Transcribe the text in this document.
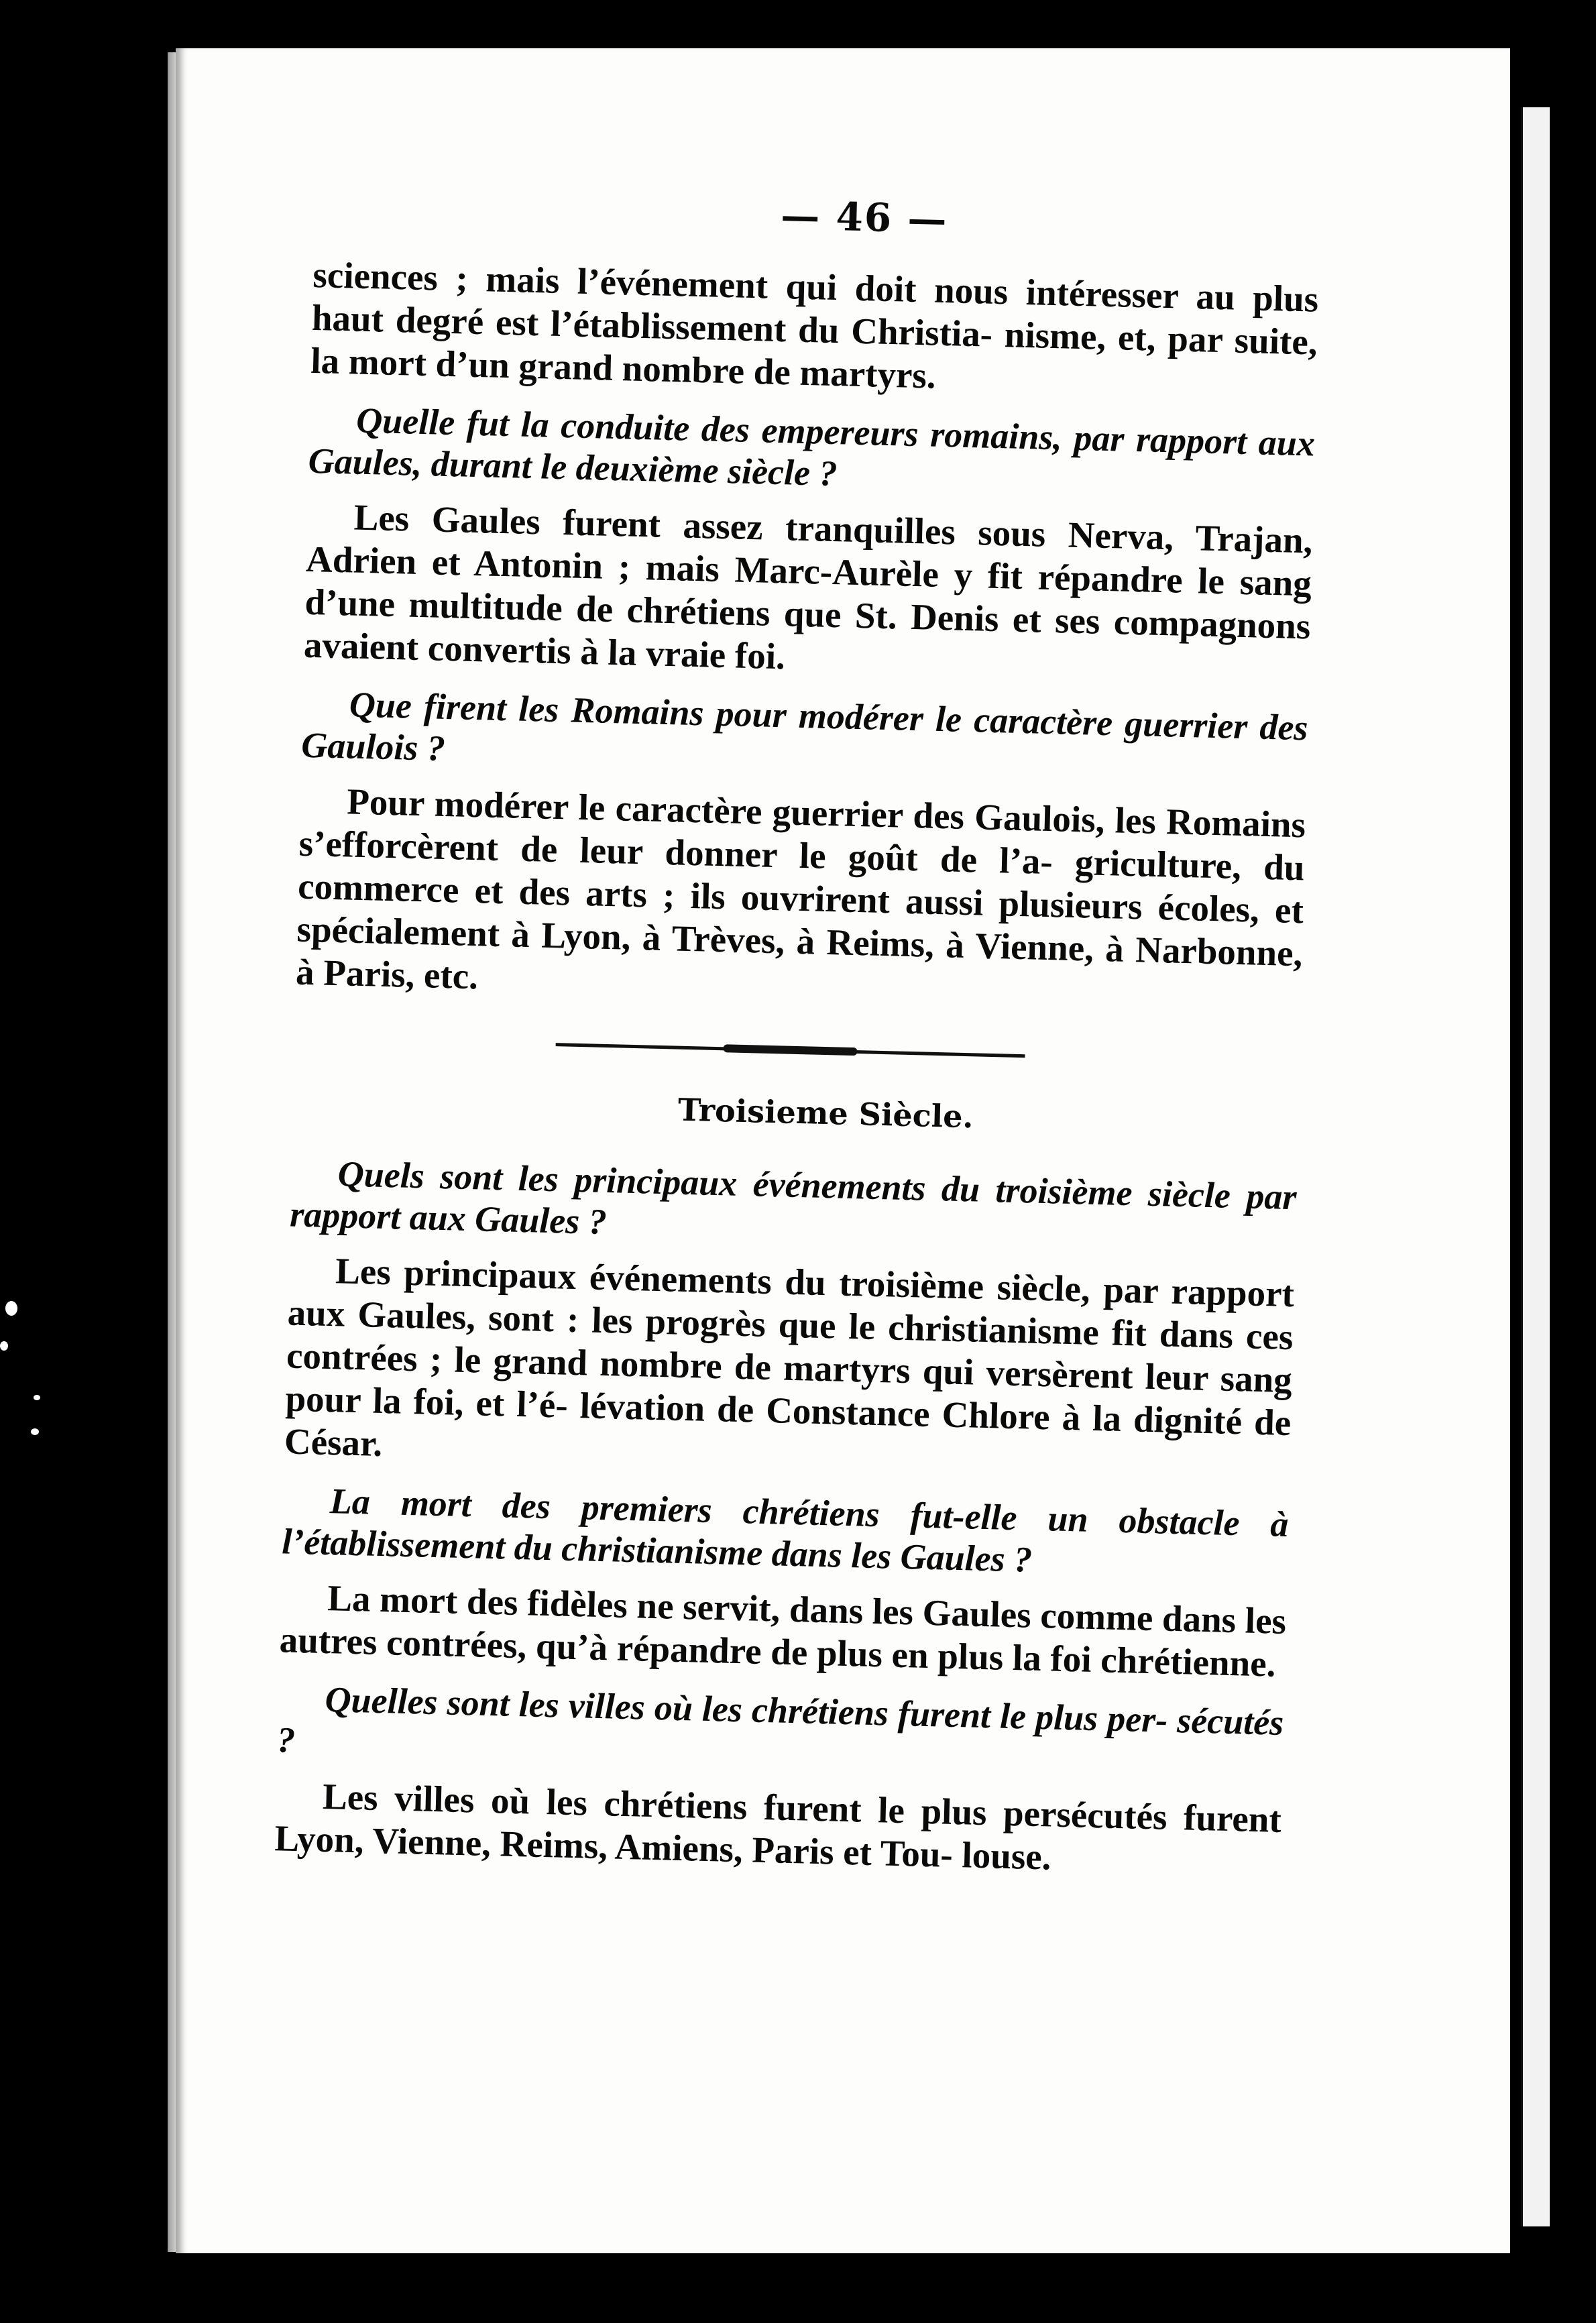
— 46 —

sciences ; mais l’événement qui doit nous intéresser au plus haut degré est l’établissement du Christia- nisme, et, par suite, la mort d’un grand nombre de martyrs.

Quelle fut la conduite des empereurs romains, par rapport aux Gaules, durant le deuxième siècle ?

Les Gaules furent assez tranquilles sous Nerva, Trajan, Adrien et Antonin ; mais Marc-Aurèle y fit répandre le sang d’une multitude de chrétiens que St. Denis et ses compagnons avaient convertis à la vraie foi.

Que firent les Romains pour modérer le caractère guerrier des Gaulois ?

Pour modérer le caractère guerrier des Gaulois, les Romains s’efforcèrent de leur donner le goût de l’a- griculture, du commerce et des arts ; ils ouvrirent aussi plusieurs écoles, et spécialement à Lyon, à Trèves, à Reims, à Vienne, à Narbonne, à Paris, etc.

Troisieme Siècle.

Quels sont les principaux événements du troisième siècle par rapport aux Gaules ?

Les principaux événements du troisième siècle, par rapport aux Gaules, sont : les progrès que le christianisme fit dans ces contrées ; le grand nombre de martyrs qui versèrent leur sang pour la foi, et l’é- lévation de Constance Chlore à la dignité de César.

La mort des premiers chrétiens fut-elle un obstacle à l’établissement du christianisme dans les Gaules ?

La mort des fidèles ne servit, dans les Gaules comme dans les autres contrées, qu’à répandre de plus en plus la foi chrétienne.

Quelles sont les villes où les chrétiens furent le plus per- sécutés ?

Les villes où les chrétiens furent le plus persécutés furent Lyon, Vienne, Reims, Amiens, Paris et Tou- louse.
